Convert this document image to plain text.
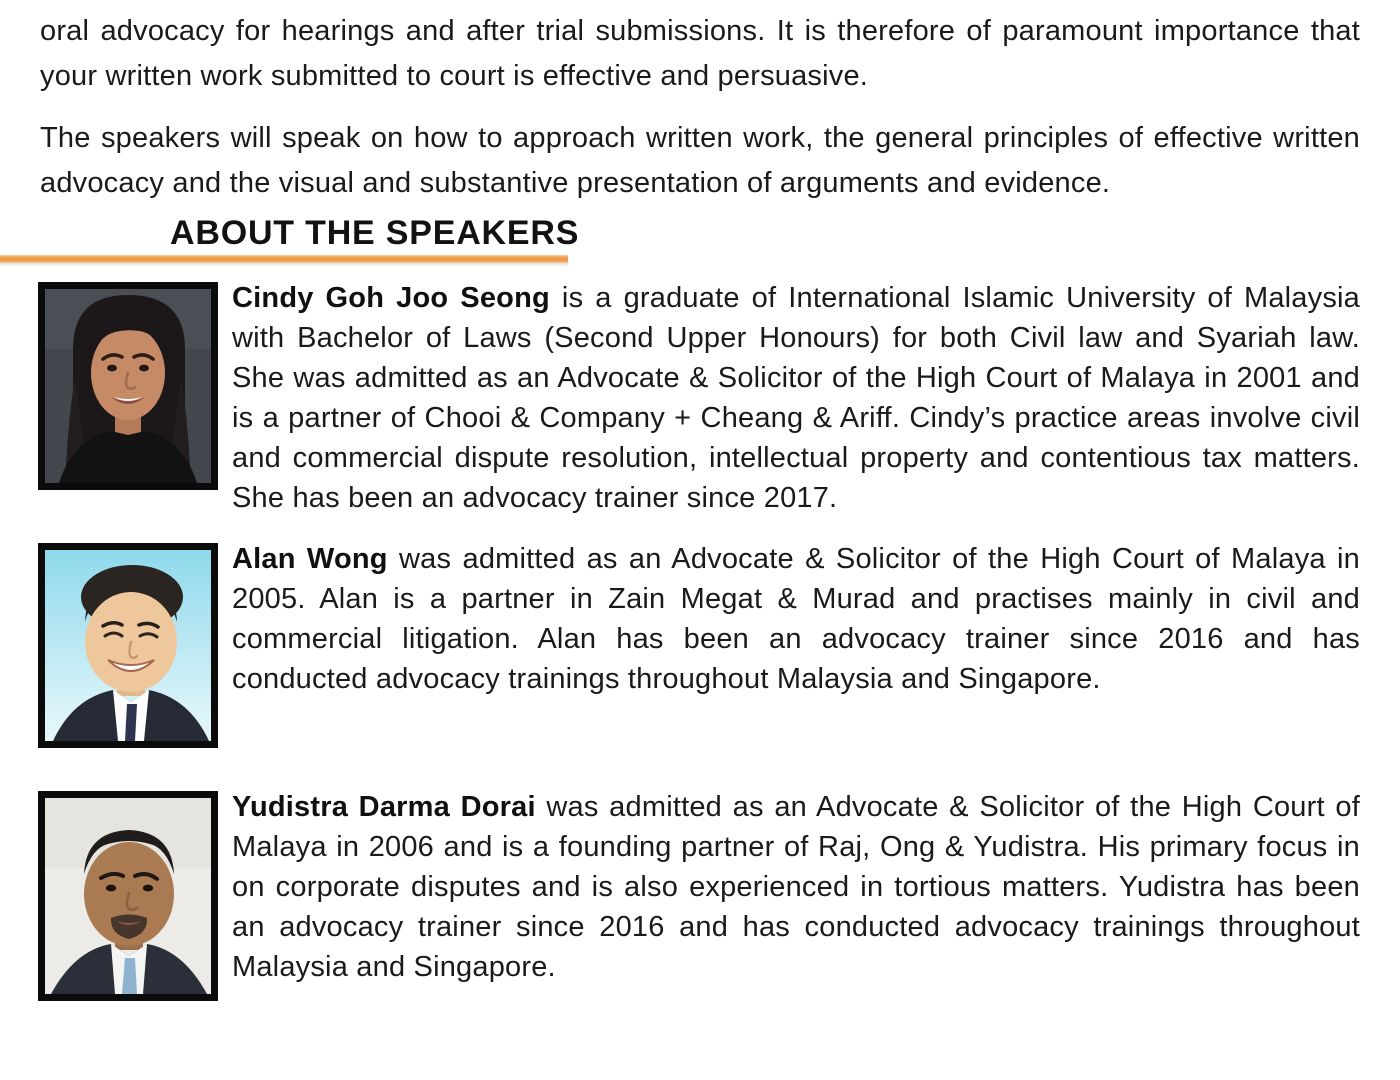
oral advocacy for hearings and after trial submissions. It is therefore of paramount importance that your written work submitted to court is effective and persuasive.

The speakers will speak on how to approach written work, the general principles of effective written advocacy and the visual and substantive presentation of arguments and evidence.

ABOUT THE SPEAKERS

Cindy Goh Joo Seong is a graduate of International Islamic University of Malaysia with Bachelor of Laws (Second Upper Honours) for both Civil law and Syariah law. She was admitted as an Advocate & Solicitor of the High Court of Malaya in 2001 and is a partner of Chooi & Company + Cheang & Ariff. Cindy’s practice areas involve civil and commercial dispute resolution, intellectual property and contentious tax matters. She has been an advocacy trainer since 2017.

Alan Wong was admitted as an Advocate & Solicitor of the High Court of Malaya in 2005. Alan is a partner in Zain Megat & Murad and practises mainly in civil and commercial litigation. Alan has been an advocacy trainer since 2016 and has conducted advocacy trainings throughout Malaysia and Singapore.

Yudistra Darma Dorai was admitted as an Advocate & Solicitor of the High Court of Malaya in 2006 and is a founding partner of Raj, Ong & Yudistra. His primary focus in on corporate disputes and is also experienced in tortious matters. Yudistra has been an advocacy trainer since 2016 and has conducted advocacy trainings throughout Malaysia and Singapore.
